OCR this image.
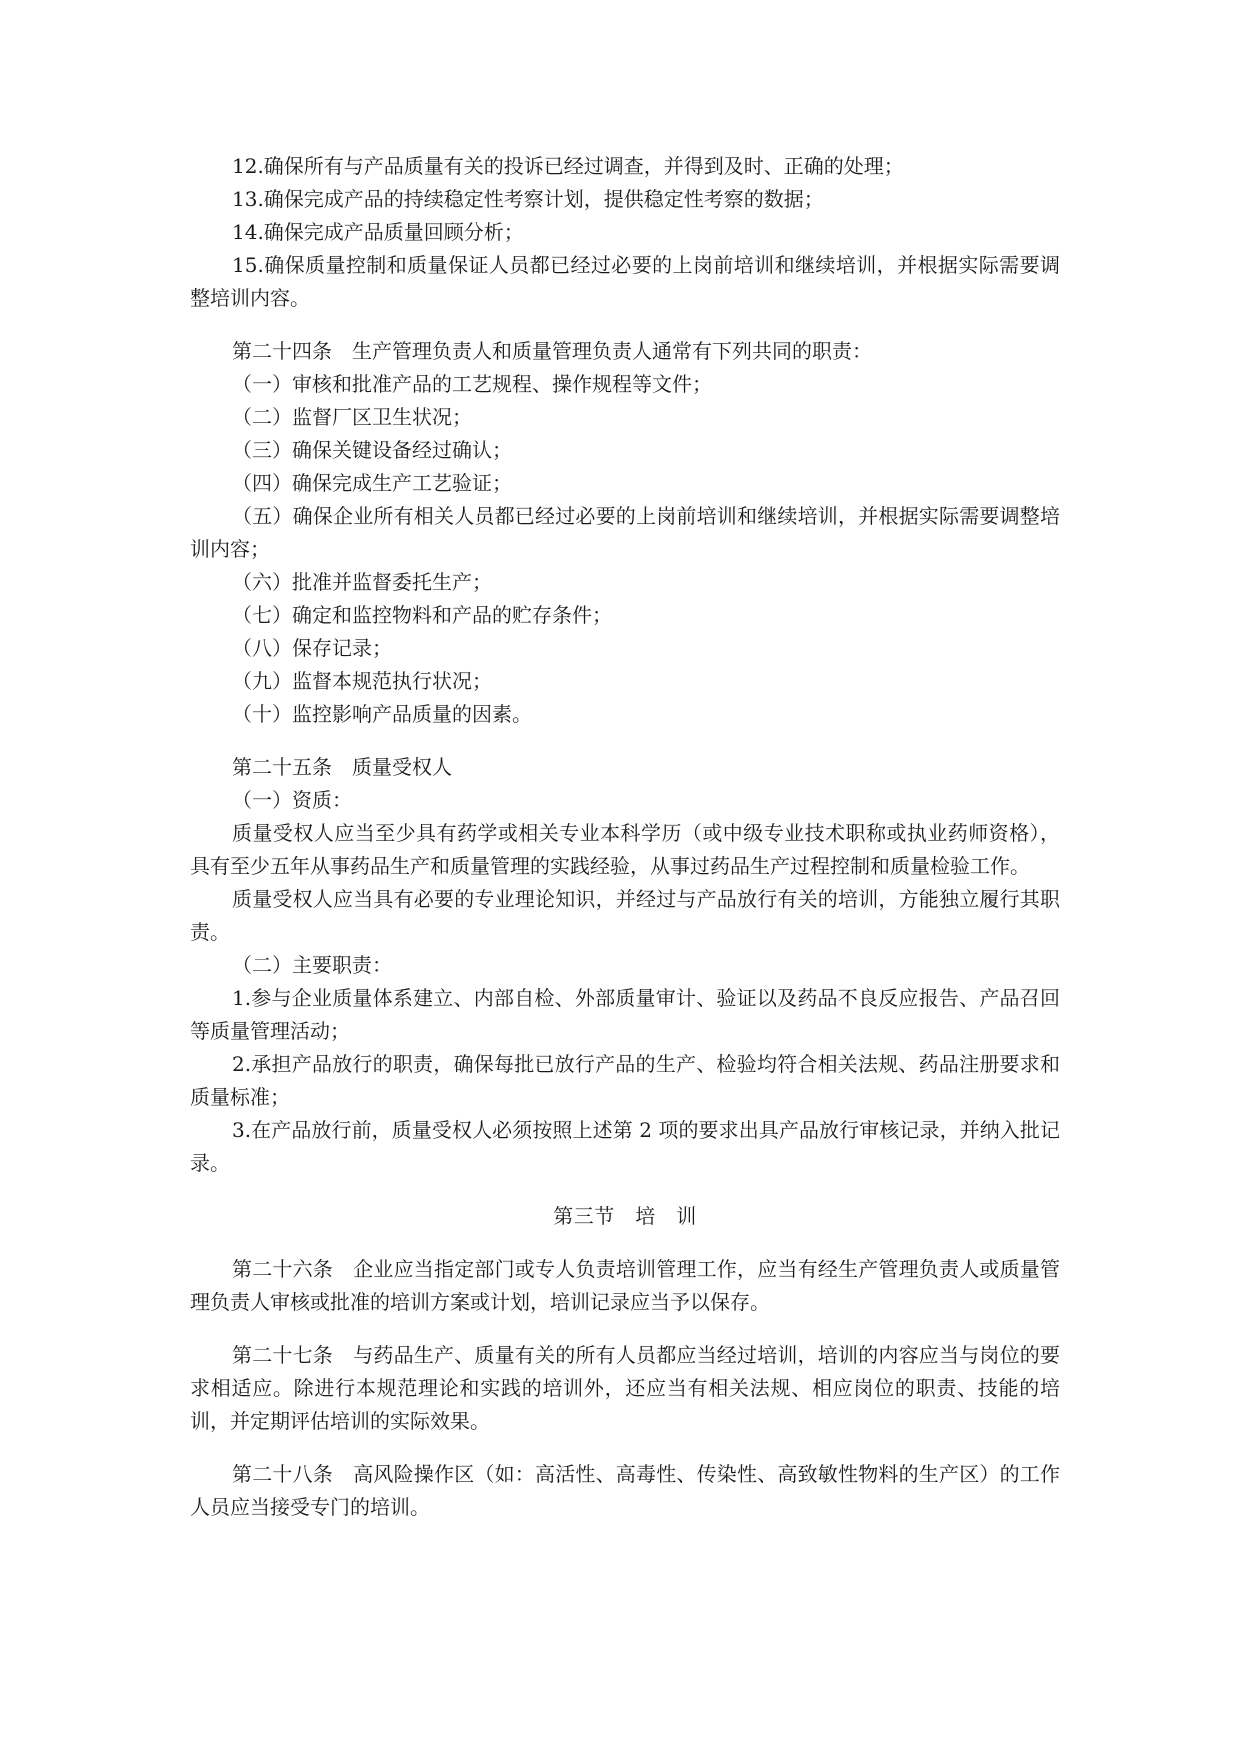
12.确保所有与产品质量有关的投诉已经过调查，并得到及时、正确的处理；

13.确保完成产品的持续稳定性考察计划，提供稳定性考察的数据；

14.确保完成产品质量回顾分析；

15.确保质量控制和质量保证人员都已经过必要的上岗前培训和继续培训，并根据实际需要调整培训内容。

第二十四条　生产管理负责人和质量管理负责人通常有下列共同的职责：

（一）审核和批准产品的工艺规程、操作规程等文件；

（二）监督厂区卫生状况；

（三）确保关键设备经过确认；

（四）确保完成生产工艺验证；

（五）确保企业所有相关人员都已经过必要的上岗前培训和继续培训，并根据实际需要调整培训内容；

（六）批准并监督委托生产；

（七）确定和监控物料和产品的贮存条件；

（八）保存记录；

（九）监督本规范执行状况；

（十）监控影响产品质量的因素。

第二十五条　质量受权人

（一）资质：

质量受权人应当至少具有药学或相关专业本科学历（或中级专业技术职称或执业药师资格），具有至少五年从事药品生产和质量管理的实践经验，从事过药品生产过程控制和质量检验工作。

质量受权人应当具有必要的专业理论知识，并经过与产品放行有关的培训，方能独立履行其职责。

（二）主要职责：

1.参与企业质量体系建立、内部自检、外部质量审计、验证以及药品不良反应报告、产品召回等质量管理活动；

2.承担产品放行的职责，确保每批已放行产品的生产、检验均符合相关法规、药品注册要求和质量标准；

3.在产品放行前，质量受权人必须按照上述第 2 项的要求出具产品放行审核记录，并纳入批记录。

第三节　培　训

第二十六条　企业应当指定部门或专人负责培训管理工作，应当有经生产管理负责人或质量管理负责人审核或批准的培训方案或计划，培训记录应当予以保存。

第二十七条　与药品生产、质量有关的所有人员都应当经过培训，培训的内容应当与岗位的要求相适应。除进行本规范理论和实践的培训外，还应当有相关法规、相应岗位的职责、技能的培训，并定期评估培训的实际效果。

第二十八条　高风险操作区（如：高活性、高毒性、传染性、高致敏性物料的生产区）的工作人员应当接受专门的培训。
